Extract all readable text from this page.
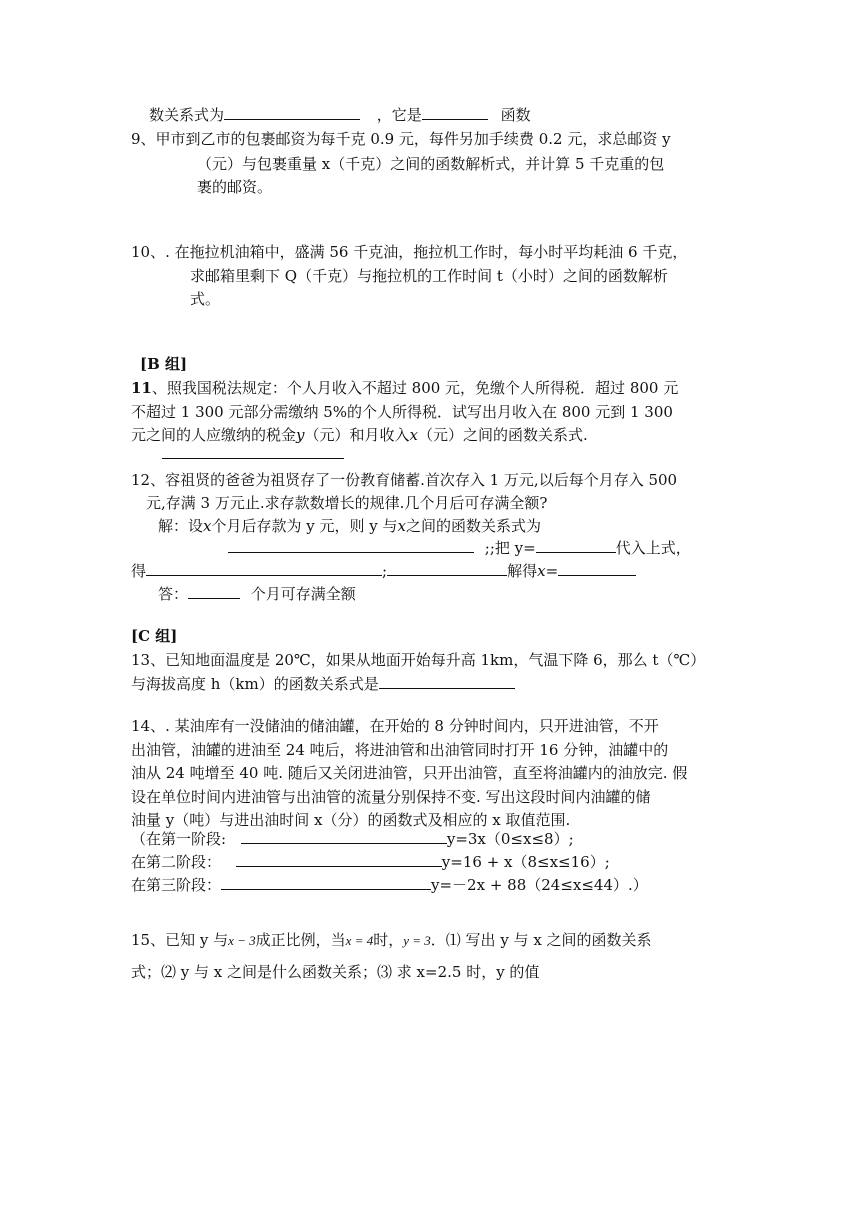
数关系式为	，它是	函数
9、甲市到乙市的包裹邮资为每千克 0.9 元，每件另加手续费 0.2 元，求总邮资 y
（元）与包裹重量 x（千克）之间的函数解析式，并计算 5 千克重的包
裹的邮资。
10、. 在拖拉机油箱中，盛满 56 千克油，拖拉机工作时，每小时平均耗油 6 千克，
求邮箱里剩下 Q（千克）与拖拉机的工作时间 t（小时）之间的函数解析
式。
[B 组]
11、照我国税法规定：个人月收入不超过 800 元，免缴个人所得税．超过 800 元
不超过 1 300 元部分需缴纳 5%的个人所得税．试写出月收入在 800 元到 1 300
元之间的人应缴纳的税金y（元）和月收入x（元）之间的函数关系式.
12、容祖贤的爸爸为祖贤存了一份教育储蓄.首次存入 1 万元,以后每个月存入 500
元,存满 3 万元止.求存款数增长的规律.几个月后可存满全额?
解：设x个月后存款为 y 元，则 y 与x之间的函数关系式为
;;把 y=	代入上式，
得	;	解得x=
答：	个月可存满全额
[C 组]
13、已知地面温度是 20℃，如果从地面开始每升高 1km，气温下降 6，那么 t（℃）
与海拔高度 h（km）的函数关系式是
14、. 某油库有一没储油的储油罐，在开始的 8 分钟时间内，只开进油管，不开
出油管，油罐的进油至 24 吨后，将进油管和出油管同时打开 16 分钟，油罐中的
油从 24 吨增至 40 吨. 随后又关闭进油管，只开出油管，直至将油罐内的油放完. 假
设在单位时间内进油管与出油管的流量分别保持不变. 写出这段时间内油罐的储
油量 y（吨）与进出油时间 x（分）的函数式及相应的 x 取值范围.
（在第一阶段:	y=3x（0≤x≤8）;
在第二阶段：	y=16 + x（8≤x≤16）;
在第三阶段：	y=－2x + 88（24≤x≤44）.）
15、已知 y 与x − 3成正比例，当x = 4时，y = 3．⑴ 写出 y 与 x 之间的函数关系
式；⑵ y 与 x 之间是什么函数关系；⑶ 求 x=2.5 时，y 的值
